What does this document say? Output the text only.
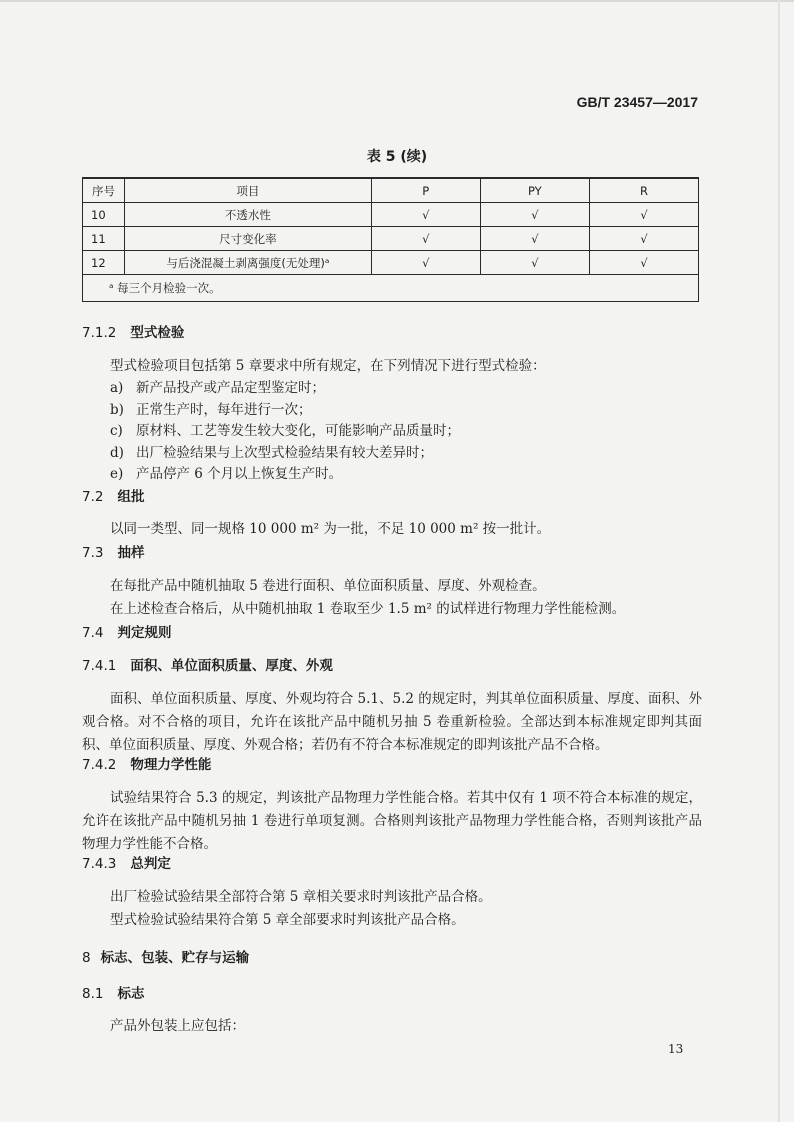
GB/T 23457—2017
表 5 (续)
序号	项目	P	PY	R
10	不透水性	√	√	√
11	尺寸变化率	√	√	√
12	与后浇混凝土剥离强度(无处理)ᵃ	√	√	√
ᵃ 每三个月检验一次。				
7.1.2 型式检验

型式检验项目包括第 5 章要求中所有规定，在下列情况下进行型式检验：

a) 新产品投产或产品定型鉴定时；
b) 正常生产时，每年进行一次；
c) 原材料、工艺等发生较大变化，可能影响产品质量时；
d) 出厂检验结果与上次型式检验结果有较大差异时；
e) 产品停产 6 个月以上恢复生产时。
7.2 组批

以同一类型、同一规格 10 000 m² 为一批，不足 10 000 m² 按一批计。

7.3 抽样

在每批产品中随机抽取 5 卷进行面积、单位面积质量、厚度、外观检查。

在上述检查合格后，从中随机抽取 1 卷取至少 1.5 m² 的试样进行物理力学性能检测。

7.4 判定规则
7.4.1 面积、单位面积质量、厚度、外观

面积、单位面积质量、厚度、外观均符合 5.1、5.2 的规定时，判其单位面积质量、厚度、面积、外观合格。对不合格的项目，允许在该批产品中随机另抽 5 卷重新检验。全部达到本标准规定即判其面积、单位面积质量、厚度、外观合格；若仍有不符合本标准规定的即判该批产品不合格。

7.4.2 物理力学性能

试验结果符合 5.3 的规定，判该批产品物理力学性能合格。若其中仅有 1 项不符合本标准的规定，允许在该批产品中随机另抽 1 卷进行单项复测。合格则判该批产品物理力学性能合格，否则判该批产品物理力学性能不合格。

7.4.3 总判定

出厂检验试验结果全部符合第 5 章相关要求时判该批产品合格。

型式检验试验结果符合第 5 章全部要求时判该批产品合格。

8 标志、包装、贮存与运输
8.1 标志

产品外包装上应包括：

13
